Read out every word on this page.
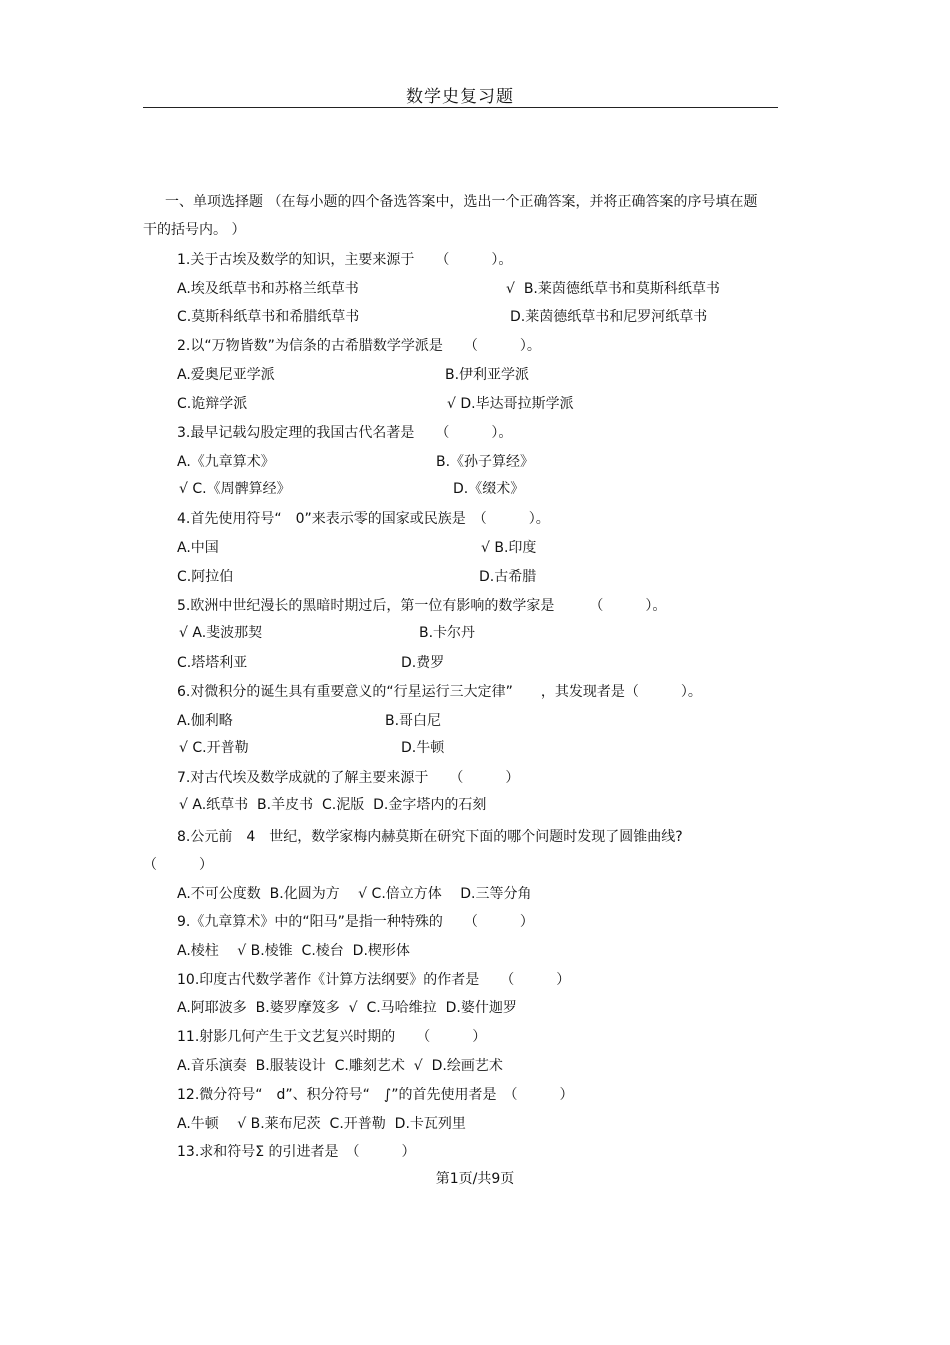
数学史复习题
一、单项选择题 （在每小题的四个备选答案中，选出一个正确答案，并将正确答案的序号填在题干的括号内。 ）
1.关于古埃及数学的知识，主要来源于　　（　　　）。
A.埃及纸草书和苏格兰纸草书	√  B.莱茵德纸草书和莫斯科纸草书
C.莫斯科纸草书和希腊纸草书	D.莱茵德纸草书和尼罗河纸草书
2.以“万物皆数”为信条的古希腊数学学派是　　（　　　）。
A.爱奥尼亚学派	B.伊利亚学派
C.诡辩学派	√ D.毕达哥拉斯学派
3.最早记载勾股定理的我国古代名著是　　（　　　）。
A.《九章算术》	B.《孙子算经》
√ C.《周髀算经》	D.《缀术》
4.首先使用符号“　0”来表示零的国家或民族是　（　　　）。
A.中国	√ B.印度
C.阿拉伯	D.古希腊
5.欧洲中世纪漫长的黑暗时期过后，第一位有影响的数学家是　　　（　　　）。
√ A.斐波那契	B.卡尔丹
C.塔塔利亚	D.费罗
6.对微积分的诞生具有重要意义的“行星运行三大定律”　　，其发现者是（　　　）。
A.伽利略	B.哥白尼
√ C.开普勒	D.牛顿
7.对古代埃及数学成就的了解主要来源于　　（　　　）
√ A.纸草书  B.羊皮书  C.泥版  D.金字塔内的石刻
8.公元前　4　世纪，数学家梅内赫莫斯在研究下面的哪个问题时发现了圆锥曲线?
（　　　）
A.不可公度数  B.化圆为方　 √ C.倍立方体　 D.三等分角
9.《九章算术》中的“阳马”是指一种特殊的　　（　　　）
A.棱柱　 √ B.棱锥  C.棱台  D.楔形体
10.印度古代数学著作《计算方法纲要》的作者是　　（　　　）
A.阿耶波多  B.婆罗摩笈多  √  C.马哈维拉  D.婆什迦罗
11.射影几何产生于文艺复兴时期的　　（　　　）
A.音乐演奏  B.服装设计  C.雕刻艺术  √  D.绘画艺术
12.微分符号“　d”、积分符号“　∫”的首先使用者是　（　　　）
A.牛顿　 √ B.莱布尼茨  C.开普勒  D.卡瓦列里
13.求和符号Σ 的引进者是　（　　　）
第1页/共9页
